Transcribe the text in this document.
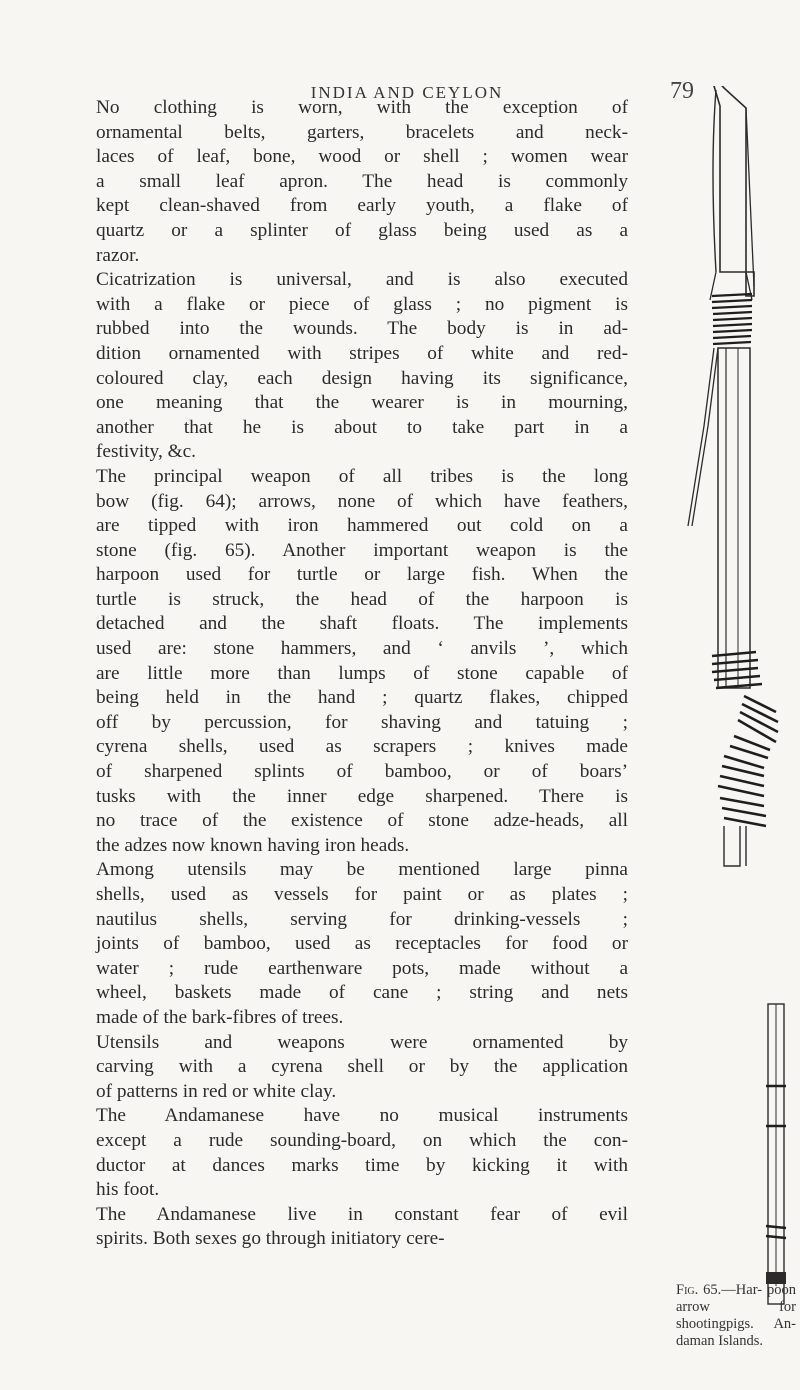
INDIA AND CEYLON	79

No clothing is worn, with the exception of
ornamental belts, garters, bracelets and neck-
laces of leaf, bone, wood or shell ; women wear
a small leaf apron. The head is commonly
kept clean-shaved from early youth, a flake of
quartz or a splinter of glass being used as a
razor.

Cicatrization is universal, and is also executed
with a flake or piece of glass ; no pigment is
rubbed into the wounds. The body is in ad-
dition ornamented with stripes of white and red-
coloured clay, each design having its significance,
one meaning that the wearer is in mourning,
another that he is about to take part in a
festivity, &c.

The principal weapon of all tribes is the long
bow (fig. 64); arrows, none of which have feathers,
are tipped with iron hammered out cold on a
stone (fig. 65). Another important weapon is the
harpoon used for turtle or large fish. When the
turtle is struck, the head of the harpoon is
detached and the shaft floats. The implements
used are: stone hammers, and ‘ anvils ’, which
are little more than lumps of stone capable of
being held in the hand ; quartz flakes, chipped
off by percussion, for shaving and tatuing ;
cyrena shells, used as scrapers ; knives made
of sharpened splints of bamboo, or of boars’
tusks with the inner edge sharpened. There is
no trace of the existence of stone adze-heads, all
the adzes now known having iron heads.

Among utensils may be mentioned large pinna
shells, used as vessels for paint or as plates ;
nautilus shells, serving for drinking-vessels ;
joints of bamboo, used as receptacles for food or
water ; rude earthenware pots, made without a
wheel, baskets made of cane ; string and nets
made of the bark-fibres of trees.

Utensils and weapons were ornamented by
carving with a cyrena shell or by the application
of patterns in red or white clay.

The Andamanese have no musical instruments
except a rude sounding-board, on which the con-
ductor at dances marks time by kicking it with
his foot.

The Andamanese live in constant fear of evil
spirits. Both sexes go through initiatory cere-

Fig. 65.—Har- poon arrow for shootingpigs. An- daman Islands.
